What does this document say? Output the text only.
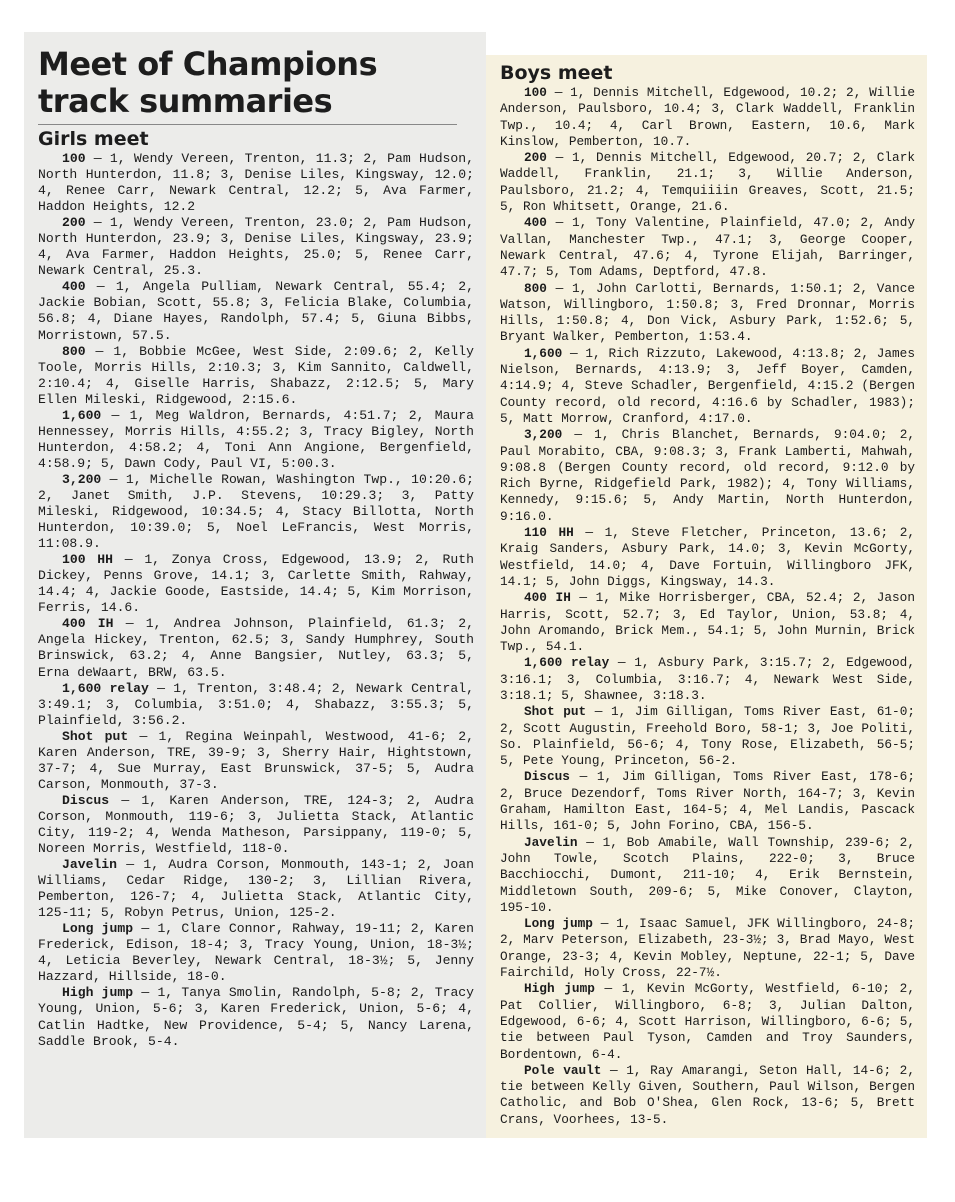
Meet of Champions
track summaries
Girls meet

100 — 1, Wendy Vereen, Trenton, 11.3; 2, Pam Hudson, North Hunterdon, 11.8; 3, Denise Liles, Kingsway, 12.0; 4, Renee Carr, Newark Central, 12.2; 5, Ava Farmer, Haddon Heights, 12.2

200 — 1, Wendy Vereen, Trenton, 23.0; 2, Pam Hudson, North Hunterdon, 23.9; 3, Denise Liles, Kingsway, 23.9; 4, Ava Farmer, Haddon Heights, 25.0; 5, Renee Carr, Newark Central, 25.3.

400 — 1, Angela Pulliam, Newark Central, 55.4; 2, Jackie Bobian, Scott, 55.8; 3, Felicia Blake, Columbia, 56.8; 4, Diane Hayes, Randolph, 57.4; 5, Giuna Bibbs, Morristown, 57.5.

800 — 1, Bobbie McGee, West Side, 2:09.6; 2, Kelly Toole, Morris Hills, 2:10.3; 3, Kim Sannito, Caldwell, 2:10.4; 4, Giselle Harris, Shabazz, 2:12.5; 5, Mary Ellen Mileski, Ridgewood, 2:15.6.

1,600 — 1, Meg Waldron, Bernards, 4:51.7; 2, Maura Hennessey, Morris Hills, 4:55.2; 3, Tracy Bigley, North Hunterdon, 4:58.2; 4, Toni Ann Angione, Bergenfield, 4:58.9; 5, Dawn Cody, Paul VI, 5:00.3.

3,200 — 1, Michelle Rowan, Washington Twp., 10:20.6; 2, Janet Smith, J.P. Stevens, 10:29.3; 3, Patty Mileski, Ridgewood, 10:34.5; 4, Stacy Billotta, North Hunterdon, 10:39.0; 5, Noel LeFrancis, West Morris, 11:08.9.

100 HH — 1, Zonya Cross, Edgewood, 13.9; 2, Ruth Dickey, Penns Grove, 14.1; 3, Carlette Smith, Rahway, 14.4; 4, Jackie Goode, Eastside, 14.4; 5, Kim Morrison, Ferris, 14.6.

400 IH — 1, Andrea Johnson, Plainfield, 61.3; 2, Angela Hickey, Trenton, 62.5; 3, Sandy Humphrey, South Brinswick, 63.2; 4, Anne Bangsier, Nutley, 63.3; 5, Erna deWaart, BRW, 63.5.

1,600 relay — 1, Trenton, 3:48.4; 2, Newark Central, 3:49.1; 3, Columbia, 3:51.0; 4, Shabazz, 3:55.3; 5, Plainfield, 3:56.2.

Shot put — 1, Regina Weinpahl, Westwood, 41-6; 2, Karen Anderson, TRE, 39-9; 3, Sherry Hair, Hightstown, 37-7; 4, Sue Murray, East Brunswick, 37-5; 5, Audra Carson, Monmouth, 37-3.

Discus — 1, Karen Anderson, TRE, 124-3; 2, Audra Corson, Monmouth, 119-6; 3, Julietta Stack, Atlantic City, 119-2; 4, Wenda Matheson, Parsippany, 119-0; 5, Noreen Morris, Westfield, 118-0.

Javelin — 1, Audra Corson, Monmouth, 143-1; 2, Joan Williams, Cedar Ridge, 130-2; 3, Lillian Rivera, Pemberton, 126-7; 4, Julietta Stack, Atlantic City, 125-11; 5, Robyn Petrus, Union, 125-2.

Long jump — 1, Clare Connor, Rahway, 19-11; 2, Karen Frederick, Edison, 18-4; 3, Tracy Young, Union, 18-3½; 4, Leticia Beverley, Newark Central, 18-3½; 5, Jenny Hazzard, Hillside, 18-0.

High jump — 1, Tanya Smolin, Randolph, 5-8; 2, Tracy Young, Union, 5-6; 3, Karen Frederick, Union, 5-6; 4, Catlin Hadtke, New Providence, 5-4; 5, Nancy Larena, Saddle Brook, 5-4.

Boys meet

100 — 1, Dennis Mitchell, Edgewood, 10.2; 2, Willie Anderson, Paulsboro, 10.4; 3, Clark Waddell, Franklin Twp., 10.4; 4, Carl Brown, Eastern, 10.6, Mark Kinslow, Pemberton, 10.7.

200 — 1, Dennis Mitchell, Edgewood, 20.7; 2, Clark Waddell, Franklin, 21.1; 3, Willie Anderson, Paulsboro, 21.2; 4, Temquiiiin Greaves, Scott, 21.5; 5, Ron Whitsett, Orange, 21.6.

400 — 1, Tony Valentine, Plainfield, 47.0; 2, Andy Vallan, Manchester Twp., 47.1; 3, George Cooper, Newark Central, 47.6; 4, Tyrone Elijah, Barringer, 47.7; 5, Tom Adams, Deptford, 47.8.

800 — 1, John Carlotti, Bernards, 1:50.1; 2, Vance Watson, Willingboro, 1:50.8; 3, Fred Dronnar, Morris Hills, 1:50.8; 4, Don Vick, Asbury Park, 1:52.6; 5, Bryant Walker, Pemberton, 1:53.4.

1,600 — 1, Rich Rizzuto, Lakewood, 4:13.8; 2, James Nielson, Bernards, 4:13.9; 3, Jeff Boyer, Camden, 4:14.9; 4, Steve Schadler, Bergenfield, 4:15.2 (Bergen County record, old record, 4:16.6 by Schadler, 1983); 5, Matt Morrow, Cranford, 4:17.0.

3,200 — 1, Chris Blanchet, Bernards, 9:04.0; 2, Paul Morabito, CBA, 9:08.3; 3, Frank Lamberti, Mahwah, 9:08.8 (Bergen County record, old record, 9:12.0 by Rich Byrne, Ridgefield Park, 1982); 4, Tony Williams, Kennedy, 9:15.6; 5, Andy Martin, North Hunterdon, 9:16.0.

110 HH — 1, Steve Fletcher, Princeton, 13.6; 2, Kraig Sanders, Asbury Park, 14.0; 3, Kevin McGorty, Westfield, 14.0; 4, Dave Fortuin, Willingboro JFK, 14.1; 5, John Diggs, Kingsway, 14.3.

400 IH — 1, Mike Horrisberger, CBA, 52.4; 2, Jason Harris, Scott, 52.7; 3, Ed Taylor, Union, 53.8; 4, John Aromando, Brick Mem., 54.1; 5, John Murnin, Brick Twp., 54.1.

1,600 relay — 1, Asbury Park, 3:15.7; 2, Edgewood, 3:16.1; 3, Columbia, 3:16.7; 4, Newark West Side, 3:18.1; 5, Shawnee, 3:18.3.

Shot put — 1, Jim Gilligan, Toms River East, 61-0; 2, Scott Augustin, Freehold Boro, 58-1; 3, Joe Politi, So. Plainfield, 56-6; 4, Tony Rose, Elizabeth, 56-5; 5, Pete Young, Princeton, 56-2.

Discus — 1, Jim Gilligan, Toms River East, 178-6; 2, Bruce Dezendorf, Toms River North, 164-7; 3, Kevin Graham, Hamilton East, 164-5; 4, Mel Landis, Pascack Hills, 161-0; 5, John Forino, CBA, 156-5.

Javelin — 1, Bob Amabile, Wall Township, 239-6; 2, John Towle, Scotch Plains, 222-0; 3, Bruce Bacchiocchi, Dumont, 211-10; 4, Erik Bernstein, Middletown South, 209-6; 5, Mike Conover, Clayton, 195-10.

Long jump — 1, Isaac Samuel, JFK Willingboro, 24-8; 2, Marv Peterson, Elizabeth, 23-3½; 3, Brad Mayo, West Orange, 23-3; 4, Kevin Mobley, Neptune, 22-1; 5, Dave Fairchild, Holy Cross, 22-7½.

High jump — 1, Kevin McGorty, Westfield, 6-10; 2, Pat Collier, Willingboro, 6-8; 3, Julian Dalton, Edgewood, 6-6; 4, Scott Harrison, Willingboro, 6-6; 5, tie between Paul Tyson, Camden and Troy Saunders, Bordentown, 6-4.

Pole vault — 1, Ray Amarangi, Seton Hall, 14-6; 2, tie between Kelly Given, Southern, Paul Wilson, Bergen Catholic, and Bob O'Shea, Glen Rock, 13-6; 5, Brett Crans, Voorhees, 13-5.
